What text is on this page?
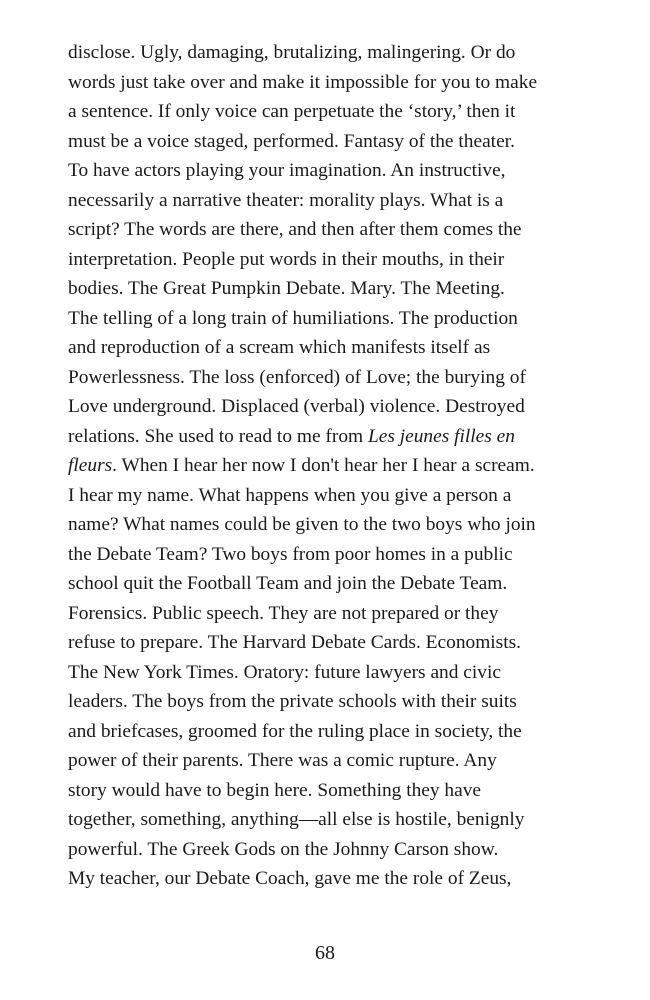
disclose. Ugly, damaging, brutalizing, malingering. Or do
words just take over and make it impossible for you to make
a sentence. If only voice can perpetuate the ‘story,’ then it
must be a voice staged, performed. Fantasy of the theater.
To have actors playing your imagination. An instructive,
necessarily a narrative theater: morality plays. What is a
script? The words are there, and then after them comes the
interpretation. People put words in their mouths, in their
bodies. The Great Pumpkin Debate. Mary. The Meeting.
The telling of a long train of humiliations. The production
and reproduction of a scream which manifests itself as
Powerlessness. The loss (enforced) of Love; the burying of
Love underground. Displaced (verbal) violence. Destroyed
relations. She used to read to me from Les jeunes filles en
fleurs. When I hear her now I don't hear her I hear a scream.
I hear my name. What happens when you give a person a
name? What names could be given to the two boys who join
the Debate Team? Two boys from poor homes in a public
school quit the Football Team and join the Debate Team.
Forensics. Public speech. They are not prepared or they
refuse to prepare. The Harvard Debate Cards. Economists.
The New York Times. Oratory: future lawyers and civic
leaders. The boys from the private schools with their suits
and briefcases, groomed for the ruling place in society, the
power of their parents. There was a comic rupture. Any
story would have to begin here. Something they have
together, something, anything—all else is hostile, benignly
powerful. The Greek Gods on the Johnny Carson show.
My teacher, our Debate Coach, gave me the role of Zeus,
68
